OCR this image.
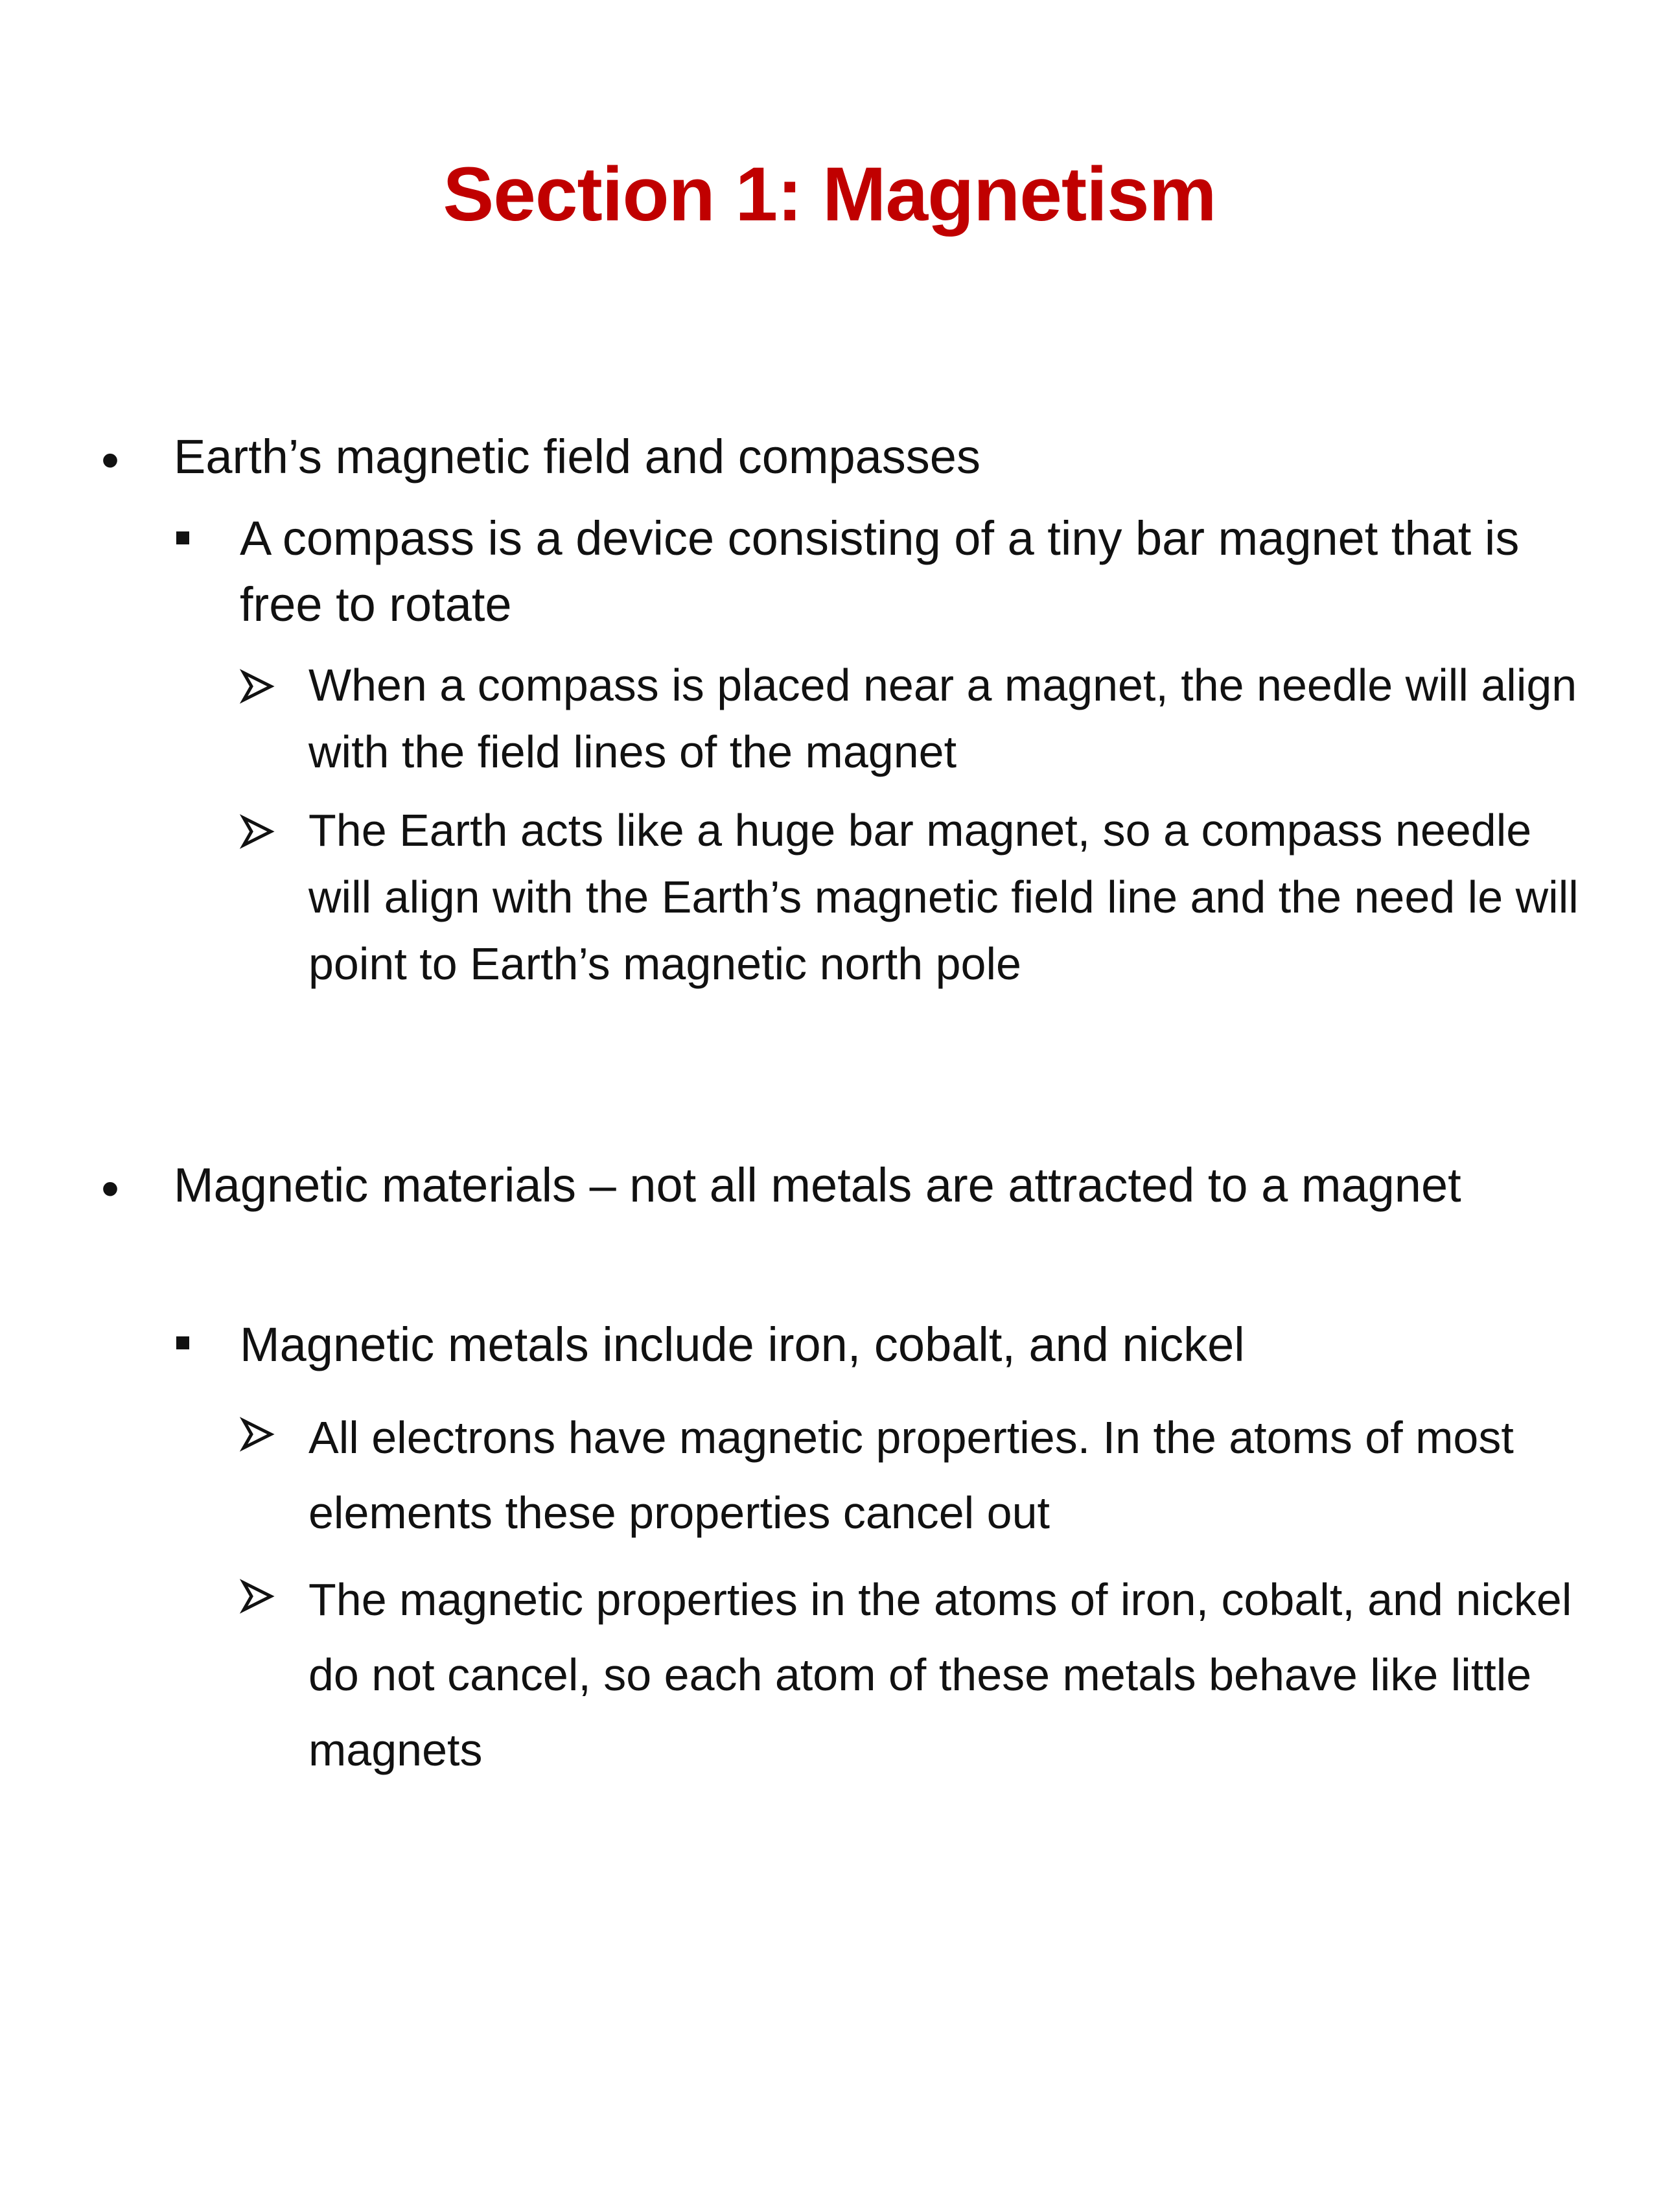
Section 1: Magnetism
• Earth’s magnetic field and compasses
A compass is a device consisting of a tiny bar magnet that is free to rotate
When a compass is placed near a magnet, the needle will align with the field lines of the magnet
The Earth acts like a huge bar magnet, so a compass needle will align with the Earth’s magnetic field line and the need le will point to Earth’s magnetic north pole
• Magnetic materials – not all metals are attracted to a magnet
Magnetic metals include iron, cobalt, and nickel
All electrons have magnetic properties. In the atoms of most elements these properties cancel out
The magnetic properties in the atoms of iron, cobalt, and nickel do not cancel, so each atom of these metals behave like little magnets
